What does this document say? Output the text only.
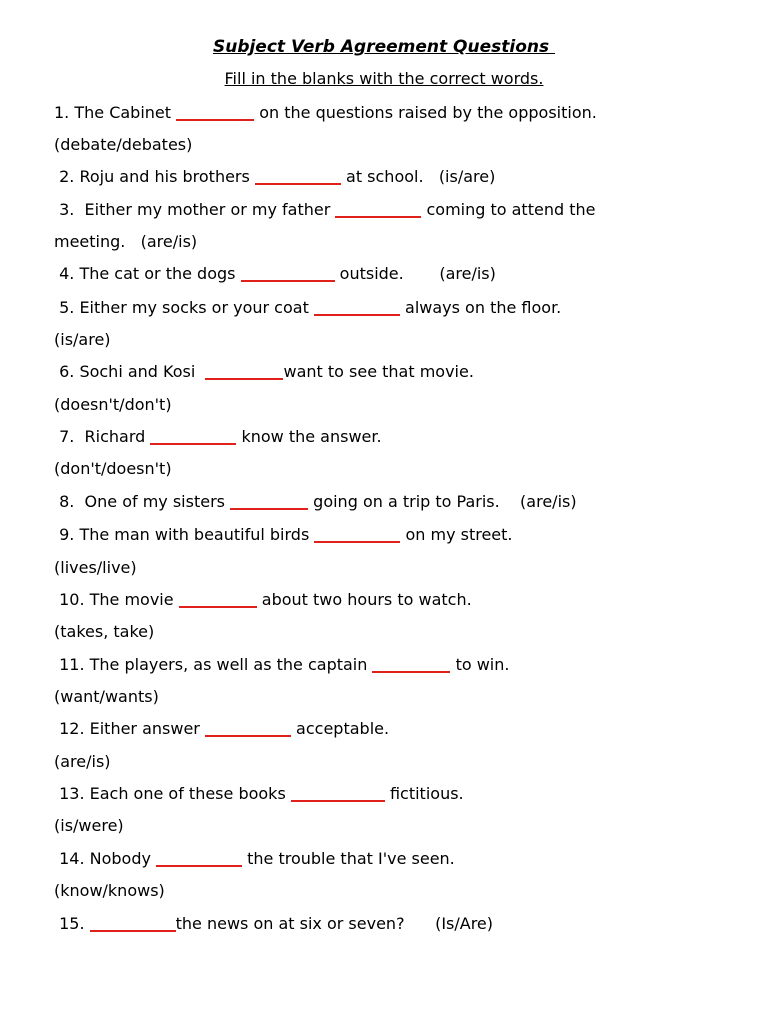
Subject Verb Agreement Questions
Fill in the blanks with the correct words.
1. The Cabinet	on the questions raised by the opposition.
(debate/debates)
2. Roju and his brothers	at school.   (is/are)
3.  Either my mother or my father	coming to attend the
meeting.   (are/is)
4. The cat or the dogs	outside.       (are/is)
5. Either my socks or your coat	always on the floor.
(is/are)
6. Sochi and Kosi	want to see that movie.
(doesn't/don't)
7.  Richard	know the answer.
(don't/doesn't)
8.  One of my sisters	going on a trip to Paris.    (are/is)
9. The man with beautiful birds	on my street.
(lives/live)
10. The movie	about two hours to watch.
(takes, take)
11. The players, as well as the captain	to win.
(want/wants)
12. Either answer	acceptable.
(are/is)
13. Each one of these books	fictitious.
(is/were)
14. Nobody	the trouble that I've seen.
(know/knows)
15.	the news on at six or seven?      (Is/Are)
